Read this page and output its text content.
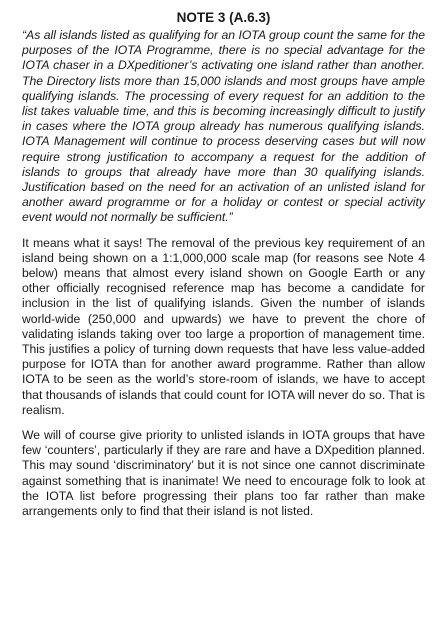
NOTE 3 (A.6.3)

“As all islands listed as qualifying for an IOTA group count the same for the purposes of the IOTA Programme, there is no special advantage for the IOTA chaser in a DXpeditioner’s activating one island rather than another. The Directory lists more than 15,000 islands and most groups have ample qualifying islands. The processing of every request for an addition to the list takes valuable time, and this is becoming increasingly difficult to justify in cases where the IOTA group already has numerous qualifying islands. IOTA Management will continue to process deserving cases but will now require strong justification to accompany a request for the addition of islands to groups that already have more than 30 qualifying islands. Justification based on the need for an activation of an unlisted island for another award programme or for a holiday or contest or special activity event would not normally be sufficient.”

It means what it says! The removal of the previous key requirement of an island being shown on a 1:1,000,000 scale map (for reasons see Note 4 below) means that almost every island shown on Google Earth or any other officially recognised reference map has become a candidate for inclusion in the list of qualifying islands. Given the number of islands world-wide (250,000 and upwards) we have to prevent the chore of validating islands taking over too large a proportion of management time. This justifies a policy of turning down requests that have less value-added purpose for IOTA than for another award programme. Rather than allow IOTA to be seen as the world’s store-room of islands, we have to accept that thousands of islands that could count for IOTA will never do so. That is realism.

We will of course give priority to unlisted islands in IOTA groups that have few ‘counters’, particularly if they are rare and have a DXpedition planned. This may sound ‘discriminatory’ but it is not since one cannot discriminate against something that is inanimate! We need to encourage folk to look at the IOTA list before progressing their plans too far rather than make arrangements only to find that their island is not listed.
